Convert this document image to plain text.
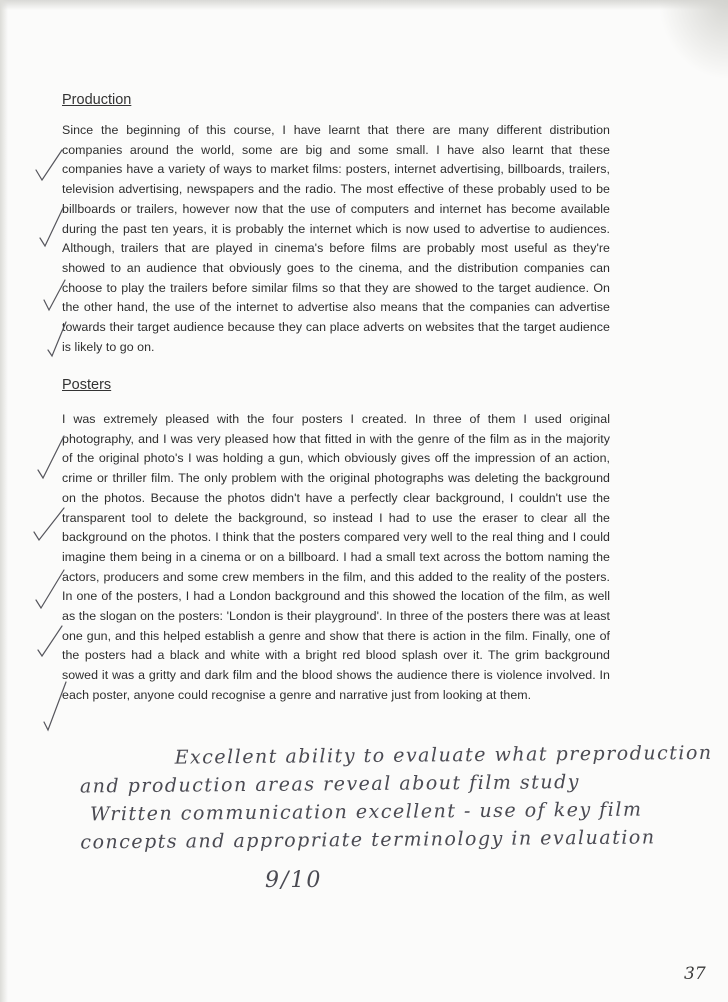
Production
Since the beginning of this course, I have learnt that there are many different distribution companies around the world, some are big and some small. I have also learnt that these companies have a variety of ways to market films: posters, internet advertising, billboards, trailers, television advertising, newspapers and the radio. The most effective of these probably used to be billboards or trailers, however now that the use of computers and internet has become available during the past ten years, it is probably the internet which is now used to advertise to audiences. Although, trailers that are played in cinema's before films are probably most useful as they're showed to an audience that obviously goes to the cinema, and the distribution companies can choose to play the trailers before similar films so that they are showed to the target audience. On the other hand, the use of the internet to advertise also means that the companies can advertise towards their target audience because they can place adverts on websites that the target audience is likely to go on.
Posters
I was extremely pleased with the four posters I created. In three of them I used original photography, and I was very pleased how that fitted in with the genre of the film as in the majority of the original photo's I was holding a gun, which obviously gives off the impression of an action, crime or thriller film. The only problem with the original photographs was deleting the background on the photos. Because the photos didn't have a perfectly clear background, I couldn't use the transparent tool to delete the background, so instead I had to use the eraser to clear all the background on the photos. I think that the posters compared very well to the real thing and I could imagine them being in a cinema or on a billboard. I had a small text across the bottom naming the actors, producers and some crew members in the film, and this added to the reality of the posters. In one of the posters, I had a London background and this showed the location of the film, as well as the slogan on the posters: 'London is their playground'. In three of the posters there was at least one gun, and this helped establish a genre and show that there is action in the film. Finally, one of the posters had a black and white with a bright red blood splash over it. The grim background sowed it was a gritty and dark film and the blood shows the audience there is violence involved. In each poster, anyone could recognise a genre and narrative just from looking at them.
Excellent ability to evaluate what preproduction
and production areas reveal about film study
Written communication excellent - use of key film
concepts and appropriate terminology in evaluation
9/10
37
